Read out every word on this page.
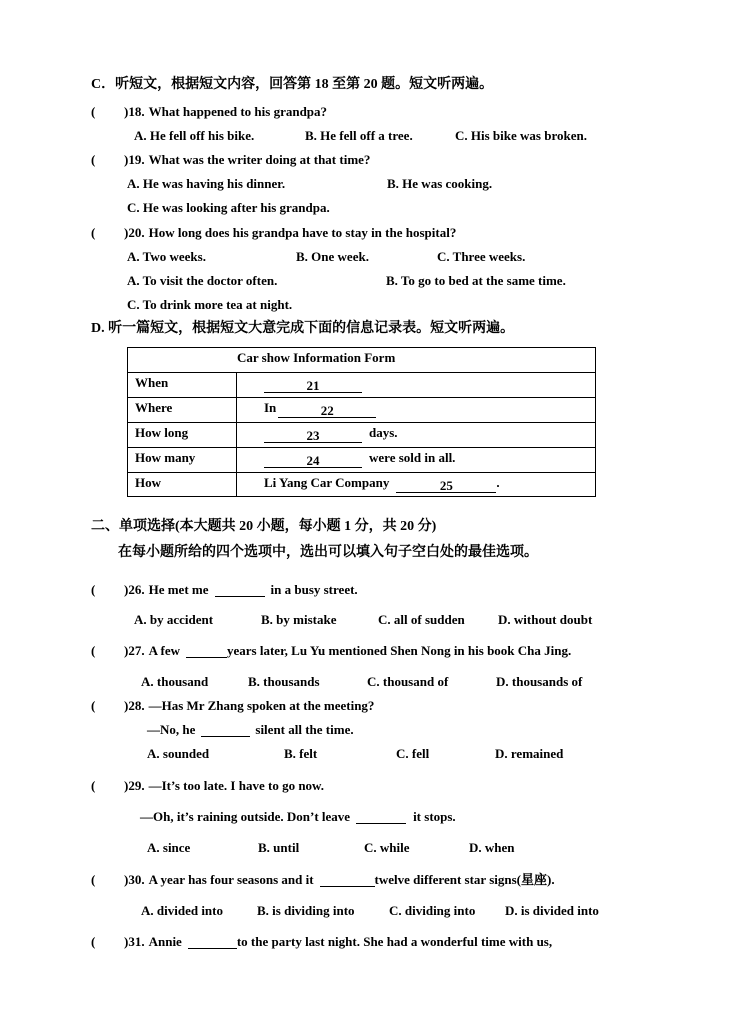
C．听短文，根据短文内容，回答第 18 至第 20 题。短文听两遍。
( )18. What happened to his grandpa?
A. He fell off his bike.	B. He fell off a tree.	C. His bike was broken.
( )19. What was the writer doing at that time?
A. He was having his dinner.	B. He was cooking.
C. He was looking after his grandpa.
( )20. How long does his grandpa have to stay in the hospital?
A. Two weeks.	B. One week.	C. Three weeks.
A. To visit the doctor often.	B. To go to bed at the same time.
C. To drink more tea at night.
D. 听一篇短文，根据短文大意完成下面的信息记录表。短文听两遍。
Car show Information Form
When	21
Where	In	22
How long	23	days.
How many	24	were sold in all.
How	Li Yang Car Company	25	.
二、单项选择(本大题共 20 小题，每小题 1 分，共 20 分)
在每小题所给的四个选项中，选出可以填入句子空白处的最佳选项。
( )26. He met me	in a busy street.
A. by accident	B. by mistake	C. all of sudden	D. without doubt
( )27. A few	years later, Lu Yu mentioned Shen Nong in his book Cha Jing.
A. thousand	B. thousands	C. thousand of	D. thousands of
( )28. —Has Mr Zhang spoken at the meeting?
—No, he	silent all the time.
A. sounded	B. felt	C. fell	D. remained
( )29. —It’s too late. I have to go now.
—Oh, it’s raining outside. Don’t leave	it stops.
A. since	B. until	C. while	D. when
( )30. A year has four seasons and it	twelve different star signs(星座).
A. divided into	B. is dividing into	C. dividing into D. is divided into
( )31. Annie	to the party last night. She had a wonderful time with us,
